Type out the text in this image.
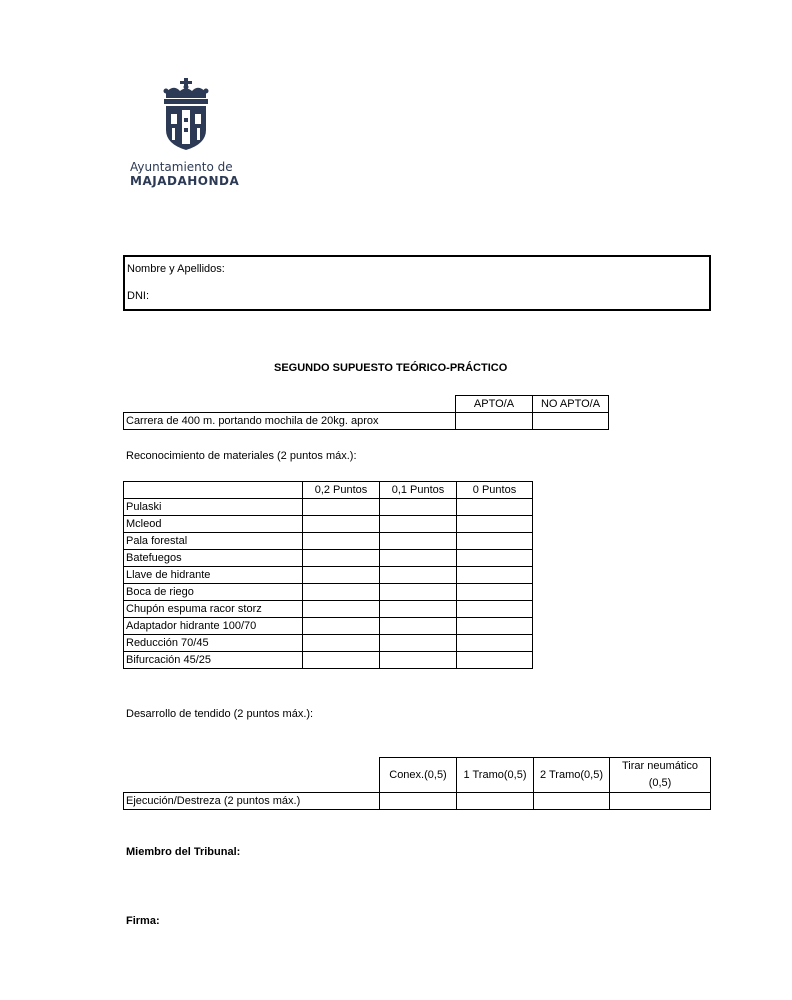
Ayuntamiento de
MAJADAHONDA
Nombre y Apellidos:
DNI:
SEGUNDO SUPUESTO TEÓRICO-PRÁCTICO
	APTO/A	NO APTO/A
Carrera de 400 m. portando mochila de 20kg. aprox		
Reconocimiento de materiales (2 puntos máx.):
	0,2 Puntos	0,1 Puntos	0 Puntos
Pulaski			
Mcleod			
Pala forestal			
Batefuegos			
Llave de hidrante			
Boca de riego			
Chupón espuma racor storz			
Adaptador hidrante 100/70			
Reducción 70/45			
Bifurcación 45/25			
Desarrollo de tendido (2 puntos máx.):
	Conex.(0,5)	1 Tramo(0,5)	2 Tramo(0,5)	Tirar neumático
(0,5)

Ejecución/Destreza (2 puntos máx.)				
Miembro del Tribunal:
Firma:
